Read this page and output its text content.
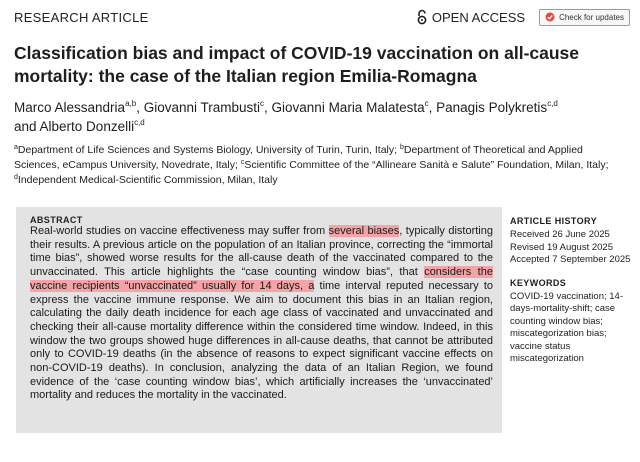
RESEARCH ARTICLE	OPEN ACCESS	Check for updates
Classification bias and impact of COVID-19 vaccination on all-cause mortality: the case of the Italian region Emilia-Romagna
Marco Alessandria$^{a,b}$, Giovanni Trambusti$^c$, Giovanni Maria Malatesta$^c$, Panagis Polykretis$^{c,d}$
and Alberto Donzelli$^{c,d}$
$^a$Department of Life Sciences and Systems Biology, University of Turin, Turin, Italy; $^b$Department of Theoretical and Applied Sciences, eCampus University, Novedrate, Italy; $^c$Scientific Committee of the “Allineare Sanità e Salute” Foundation, Milan, Italy; $^d$Independent Medical-Scientific Commission, Milan, Italy
ABSTRACT
Real-world studies on vaccine effectiveness may suffer from several biases, typically distorting their results. A previous article on the population of an Italian province, correcting the “immortal time bias”, showed worse results for the all-cause death of the vaccinated compared to the unvaccinated. This article highlights the “case counting window bias”, that considers the vaccine recipients “unvaccinated” usually for 14 days, a time interval reputed necessary to express the vaccine immune response. We aim to document this bias in an Italian region, calculating the daily death incidence for each age class of vaccinated and unvaccinated and checking their all-cause mortality difference within the considered time window. Indeed, in this window the two groups showed huge differences in all-cause deaths, that cannot be attributed only to COVID-19 deaths (in the absence of reasons to expect significant vaccine effects on non-COVID-19 deaths). In conclusion, analyzing the data of an Italian Region, we found evidence of the ‘case counting window bias’, which artificially increases the ‘unvaccinated’ mortality and reduces the mortality in the vaccinated.
ARTICLE HISTORY
Received 26 June 2025
Revised 19 August 2025
Accepted 7 September 2025
KEYWORDS
COVID-19 vaccination; 14-days-mortality-shift; case counting window bias; miscategorization bias; vaccine status miscategorization
